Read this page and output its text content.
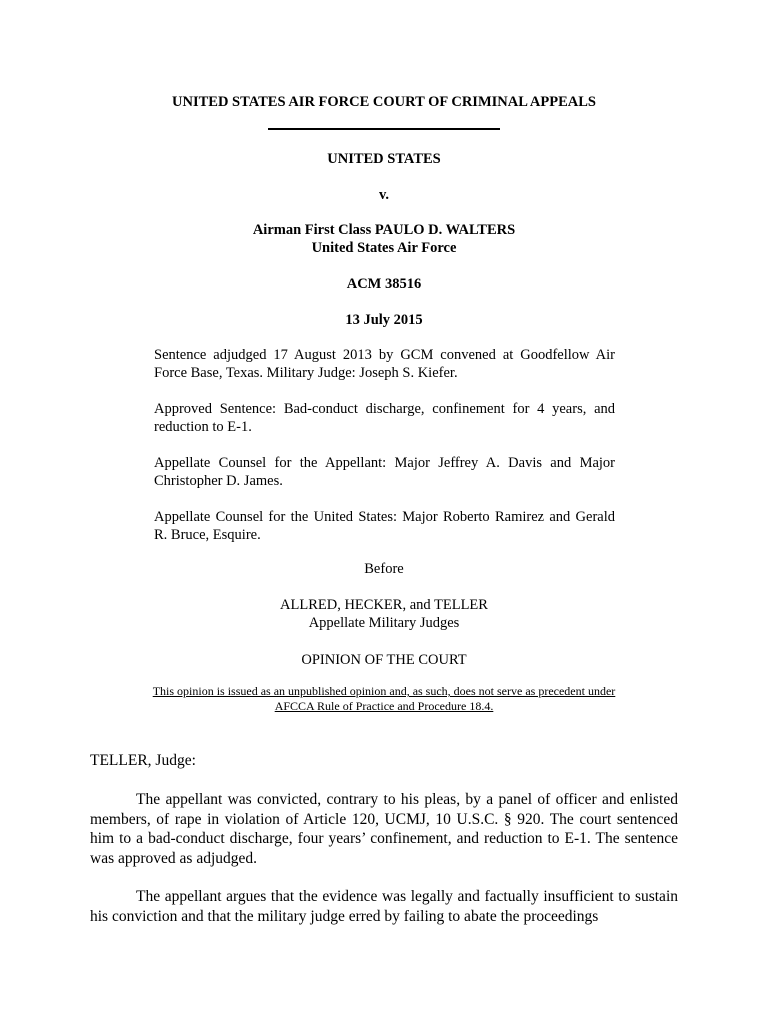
UNITED STATES AIR FORCE COURT OF CRIMINAL APPEALS

UNITED STATES

v.

Airman First Class PAULO D. WALTERS

United States Air Force

ACM 38516

13 July 2015

Sentence adjudged 17 August 2013 by GCM convened at Goodfellow Air Force Base, Texas. Military Judge: Joseph S. Kiefer.

Approved Sentence: Bad-conduct discharge, confinement for 4 years, and reduction to E-1.

Appellate Counsel for the Appellant: Major Jeffrey A. Davis and Major Christopher D. James.

Appellate Counsel for the United States: Major Roberto Ramirez and Gerald R. Bruce, Esquire.

Before

ALLRED, HECKER, and TELLER

Appellate Military Judges

OPINION OF THE COURT

This opinion is issued as an unpublished opinion and, as such, does not serve as precedent under AFCCA Rule of Practice and Procedure 18.4.

TELLER, Judge:

The appellant was convicted, contrary to his pleas, by a panel of officer and enlisted members, of rape in violation of Article 120, UCMJ, 10 U.S.C. § 920. The court sentenced him to a bad-conduct discharge, four years’ confinement, and reduction to E-1. The sentence was approved as adjudged.

The appellant argues that the evidence was legally and factually insufficient to sustain his conviction and that the military judge erred by failing to abate the proceedings
